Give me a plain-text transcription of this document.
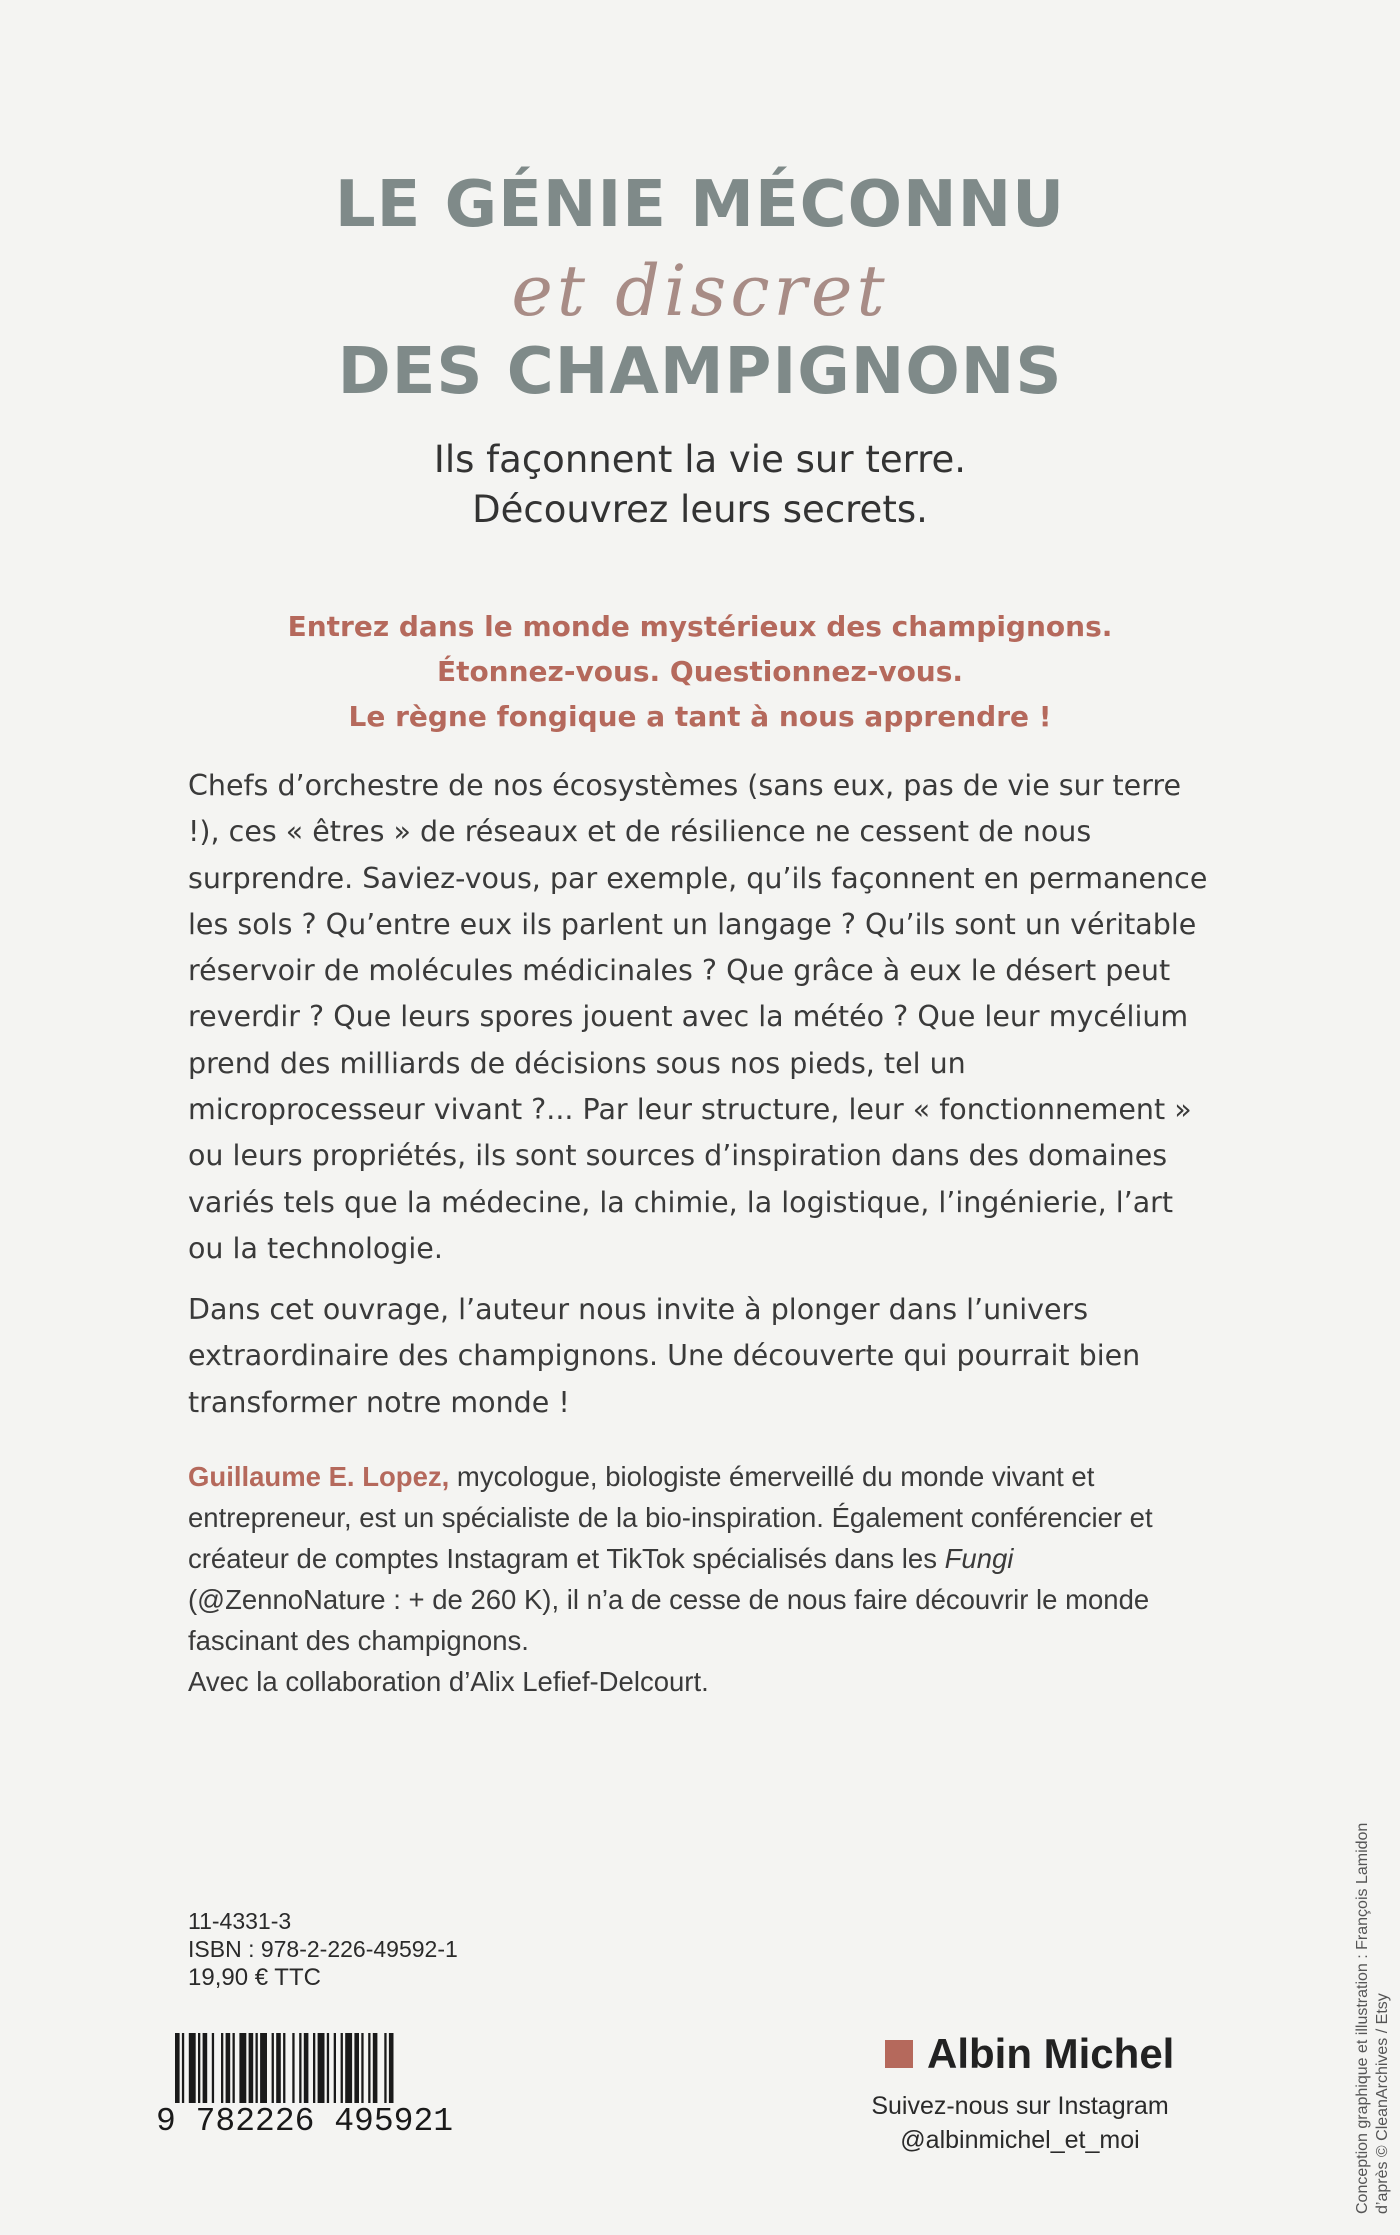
LE GÉNIE MÉCONNU
et discret
DES CHAMPIGNONS
Ils façonnent la vie sur terre.
Découvrez leurs secrets.
Entrez dans le monde mystérieux des champignons.
Étonnez-vous. Questionnez-vous.
Le règne fongique a tant à nous apprendre !

Chefs d’orchestre de nos écosystèmes (sans eux, pas de vie sur terre !), ces « êtres » de réseaux et de résilience ne cessent de nous surprendre. Saviez-vous, par exemple, qu’ils façonnent en permanence les sols ? Qu’entre eux ils parlent un langage ? Qu’ils sont un véritable réservoir de molécules médicinales ? Que grâce à eux le désert peut reverdir ? Que leurs spores jouent avec la météo ? Que leur mycélium prend des milliards de décisions sous nos pieds, tel un microprocesseur vivant ?... Par leur structure, leur « fonctionnement » ou leurs propriétés, ils sont sources d’inspiration dans des domaines variés tels que la médecine, la chimie, la logistique, l’ingénierie, l’art ou la technologie.

Dans cet ouvrage, l’auteur nous invite à plonger dans l’univers extraordinaire des champignons. Une découverte qui pourrait bien transformer notre monde !

Guillaume E. Lopez, mycologue, biologiste émerveillé du monde vivant et entrepreneur, est un spécialiste de la bio-inspiration. Également conférencier et créateur de comptes Instagram et TikTok spécialisés dans les Fungi (@ZennoNature : + de 260 K), il n’a de cesse de nous faire découvrir le monde fascinant des champignons.
Avec la collaboration d’Alix Lefief-Delcourt.

11-4331-3
ISBN : 978-2-226-49592-1
19,90 € TTC
9 782226 495921
Albin Michel
Suivez-nous sur Instagram
@albinmichel_et_moi	Conception graphique et illustration : François Lamidon d’après © CleanArchives / Etsy
